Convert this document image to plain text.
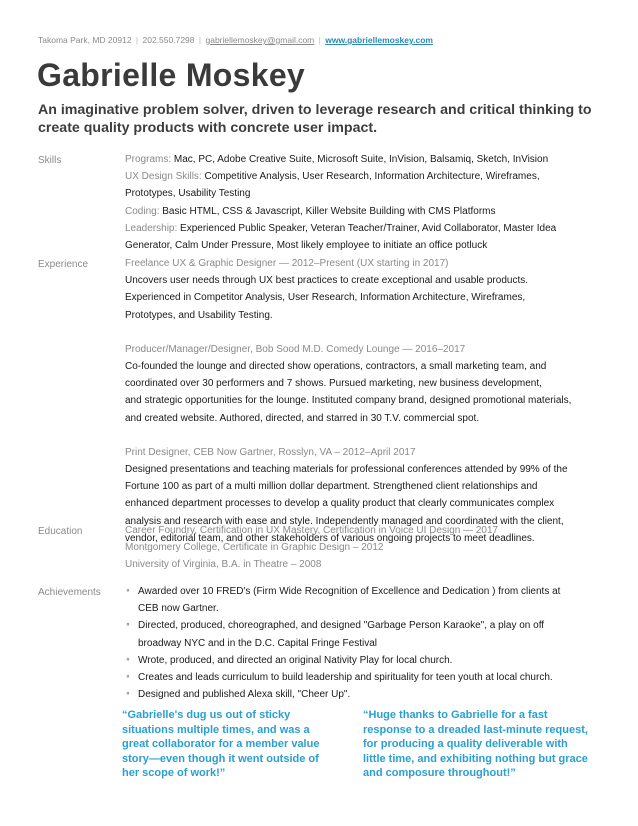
Takoma Park, MD 20912 | 202.550.7298 | gabriellemoskey@gmail.com | www.gabriellemoskey.com
Gabrielle Moskey
An imaginative problem solver, driven to leverage research and critical thinking to
create quality products with concrete user impact.
Skills	Programs: Mac, PC, Adobe Creative Suite, Microsoft Suite, InVision, Balsamiq, Sketch, InVision
UX Design Skills: Competitive Analysis, User Research, Information Architecture, Wireframes,
Prototypes, Usability Testing
Coding: Basic HTML, CSS & Javascript, Killer Website Building with CMS Platforms
Leadership: Experienced Public Speaker, Veteran Teacher/Trainer, Avid Collaborator, Master Idea
Generator, Calm Under Pressure, Most likely employee to initiate an office potluck
Experience	Freelance UX & Graphic Designer — 2012–Present (UX starting in 2017)
Uncovers user needs through UX best practices to create exceptional and usable products.
Experienced in Competitor Analysis, User Research, Information Architecture, Wireframes,
Prototypes, and Usability Testing.
Producer/Manager/Designer, Bob Sood M.D. Comedy Lounge — 2016–2017
Co-founded the lounge and directed show operations, contractors, a small marketing team, and
coordinated over 30 performers and 7 shows. Pursued marketing, new business development,
and strategic opportunities for the lounge. Instituted company brand, designed promotional materials,
and created website. Authored, directed, and starred in 30 T.V. commercial spot.
Print Designer, CEB Now Gartner, Rosslyn, VA – 2012–April 2017
Designed presentations and teaching materials for professional conferences attended by 99% of the
Fortune 100 as part of a multi million dollar department. Strengthened client relationships and
enhanced department processes to develop a quality product that clearly communicates complex
analysis and research with ease and style. Independently managed and coordinated with the client,
vendor, editorial team, and other stakeholders of various ongoing projects to meet deadlines.
Education	Career Foundry, Certification in UX Mastery, Certification in Voice UI Design — 2017
Montgomery College, Certificate in Graphic Design – 2012
University of Virginia, B.A. in Theatre – 2008
Achievements	⚬ Awarded over 10 FRED's (Firm Wide Recognition of Excellence and Dedication ) from clients at
CEB now Gartner.
⚬ Directed, produced, choreographed, and designed "Garbage Person Karaoke", a play on off
broadway NYC and in the D.C. Capital Fringe Festival
⚬ Wrote, produced, and directed an original Nativity Play for local church.
⚬ Creates and leads curriculum to build leadership and spirituality for teen youth at local church.
⚬ Designed and published Alexa skill, "Cheer Up".
“Gabrielle's dug us out of sticky
situations multiple times, and was a
great collaborator for a member value
story—even though it went outside of
her scope of work!”
“Huge thanks to Gabrielle for a fast
response to a dreaded last-minute request,
for producing a quality deliverable with
little time, and exhibiting nothing but grace
and composure throughout!”
